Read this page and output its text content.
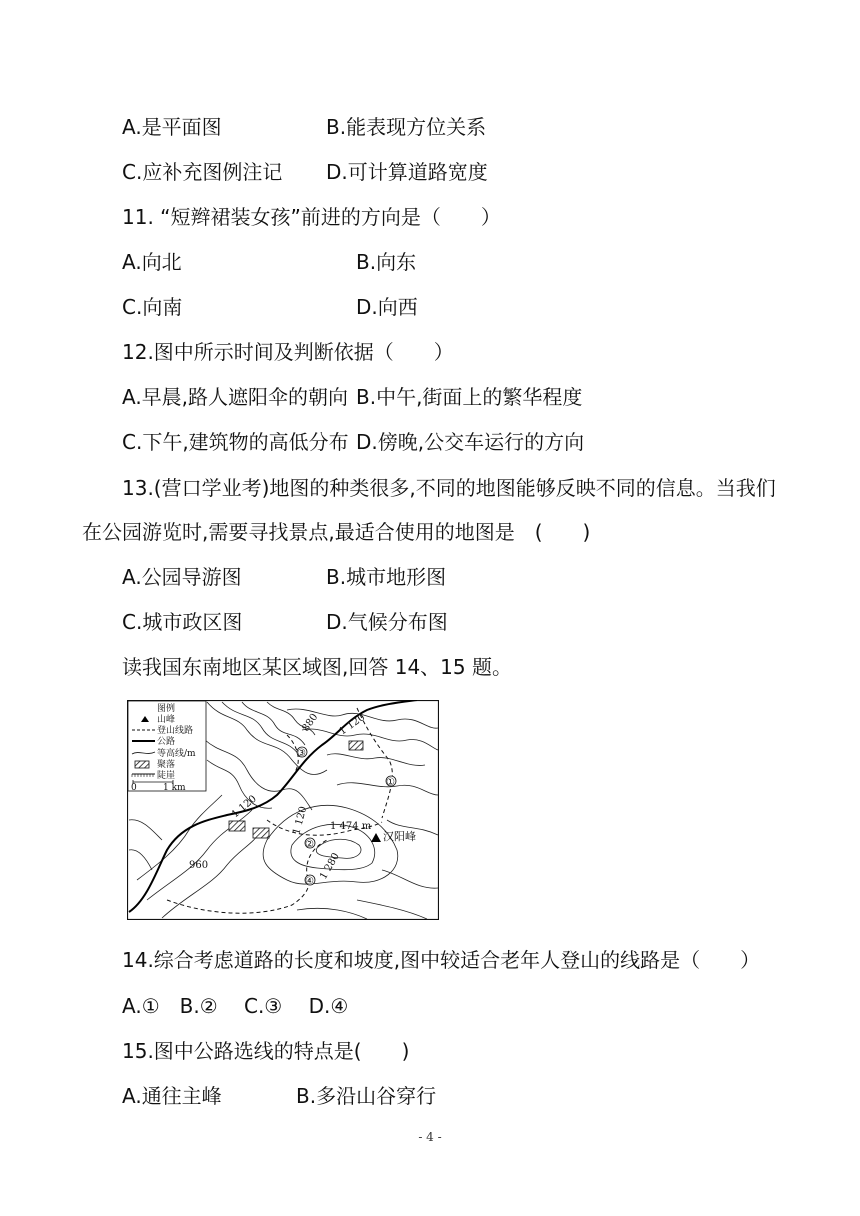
A.是平面图	B.能表现方位关系
C.应补充图例注记 D.可计算道路宽度
11. “短辫裙装女孩”前进的方向是（　　）
A.向北	B.向东
C.向南	D.向西
12.图中所示时间及判断依据（　　）
A.早晨,路人遮阳伞的朝向 B.中午,街面上的繁华程度
C.下午,建筑物的高低分布 D.傍晚,公交车运行的方向
13.(营口学业考)地图的种类很多,不同的地图能够反映不同的信息。当我们
在公园游览时,需要寻找景点,最适合使用的地图是　(　　)
A.公园导游图	B.城市地形图
C.城市政区图	D.气候分布图
读我国东南地区某区域图,回答 14、15 题。
③
①
②
④
880 1 120
1 120	1 120
1 280
960
1 474 m
汉阳峰
图例
山峰
登山线路
公路
等高线/m
聚落
陡崖
0	1 km
14.综合考虑道路的长度和坡度,图中较适合老年人登山的线路是（　　）
A.①　B.②　 C.③　 D.④
15.图中公路选线的特点是(　　)
A.通往主峰	B.多沿山谷穿行
- 4 -
